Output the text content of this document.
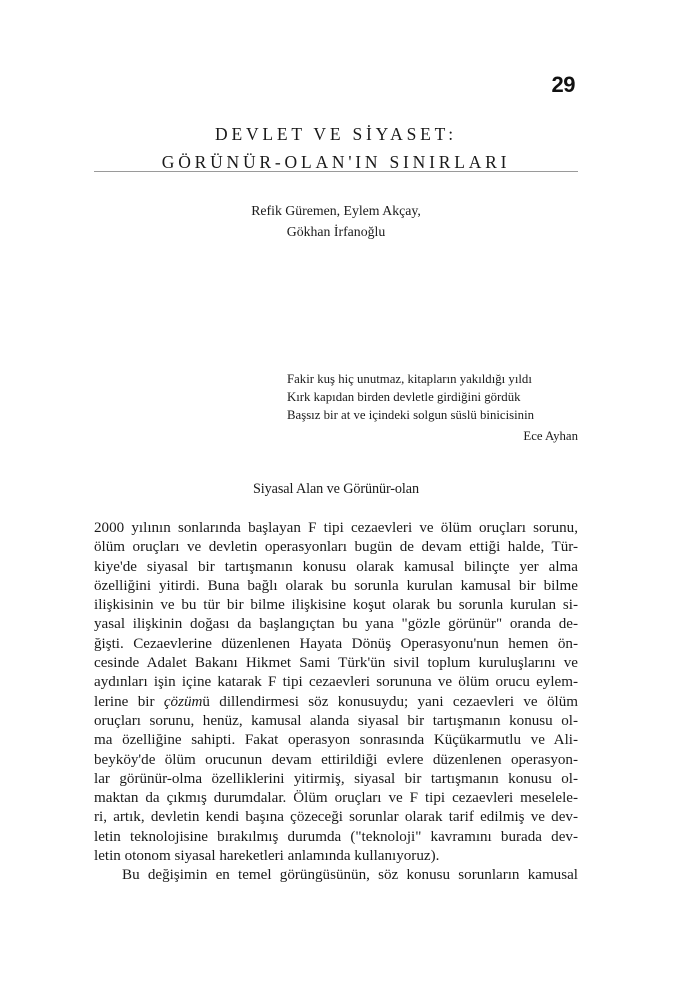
29
DEVLET VE SİYASET:
GÖRÜNÜR-OLAN'IN SINIRLARI
Refik Güremen, Eylem Akçay,
Gökhan İrfanoğlu
Fakir kuş hiç unutmaz, kitapların yakıldığı yıldı
Kırk kapıdan birden devletle girdiğini gördük
Başsız bir at ve içindeki solgun süslü binicisinin
Ece Ayhan
Siyasal Alan ve Görünür-olan
2000 yılının sonlarında başlayan F tipi cezaevleri ve ölüm oruçları sorunu,
ölüm oruçları ve devletin operasyonları bugün de devam ettiği halde, Tür-
kiye'de siyasal bir tartışmanın konusu olarak kamusal bilinçte yer alma
özelliğini yitirdi. Buna bağlı olarak bu sorunla kurulan kamusal bir bilme
ilişkisinin ve bu tür bir bilme ilişkisine koşut olarak bu sorunla kurulan si-
yasal ilişkinin doğası da başlangıçtan bu yana "gözle görünür" oranda de-
ğişti. Cezaevlerine düzenlenen Hayata Dönüş Operasyonu'nun hemen ön-
cesinde Adalet Bakanı Hikmet Sami Türk'ün sivil toplum kuruluşlarını ve
aydınları işin içine katarak F tipi cezaevleri sorununa ve ölüm orucu eylem-
lerine bir çözümü dillendirmesi söz konusuydu; yani cezaevleri ve ölüm
oruçları sorunu, henüz, kamusal alanda siyasal bir tartışmanın konusu ol-
ma özelliğine sahipti. Fakat operasyon sonrasında Küçükarmutlu ve Ali-
beyköy'de ölüm orucunun devam ettirildiği evlere düzenlenen operasyon-
lar görünür-olma özelliklerini yitirmiş, siyasal bir tartışmanın konusu ol-
maktan da çıkmış durumdalar. Ölüm oruçları ve F tipi cezaevleri meselele-
ri, artık, devletin kendi başına çözeceği sorunlar olarak tarif edilmiş ve dev-
letin teknolojisine bırakılmış durumda ("teknoloji" kavramını burada dev-
letin otonom siyasal hareketleri anlamında kullanıyoruz).
Bu değişimin en temel görüngüsünün, söz konusu sorunların kamusal
